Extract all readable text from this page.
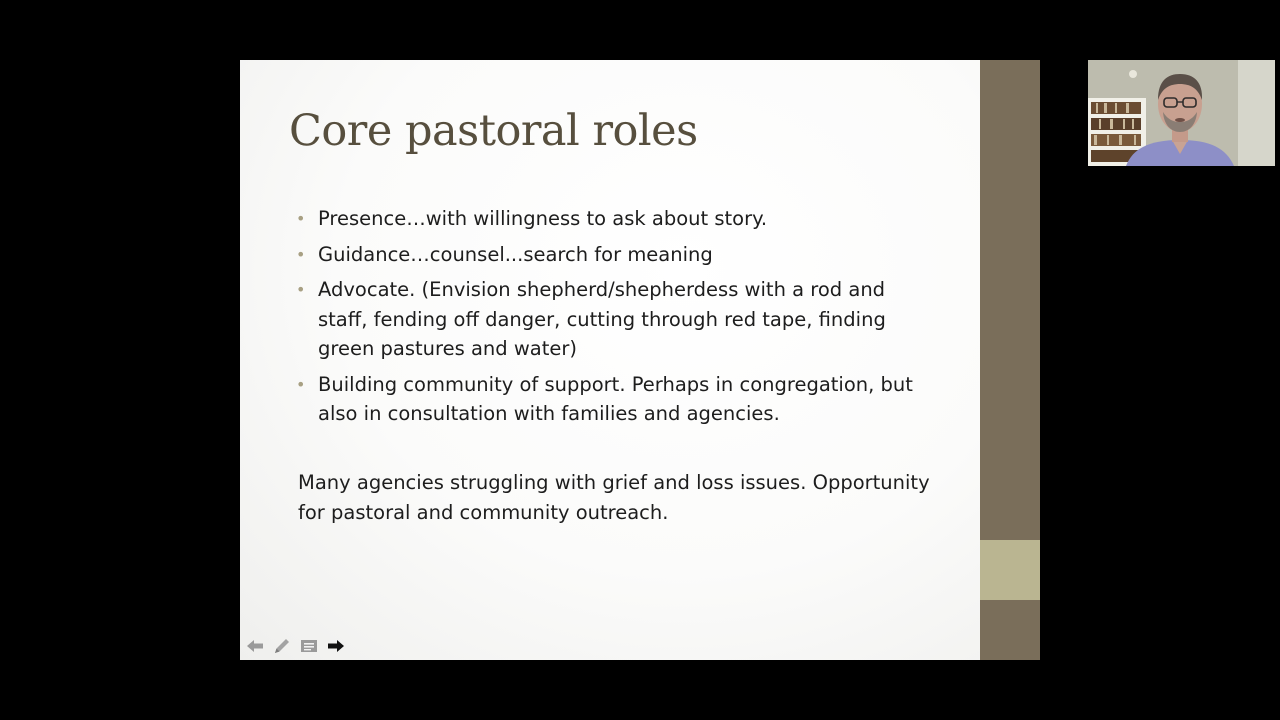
Core pastoral roles
• Presence…with willingness to ask about story.
• Guidance…counsel...search for meaning
• Advocate. (Envision shepherd/shepherdess with a rod and staff, fending off danger, cutting through red tape, finding green pastures and water)
• Building community of support. Perhaps in congregation, but also in consultation with families and agencies.

Many agencies struggling with grief and loss issues. Opportunity for pastoral and community outreach.
